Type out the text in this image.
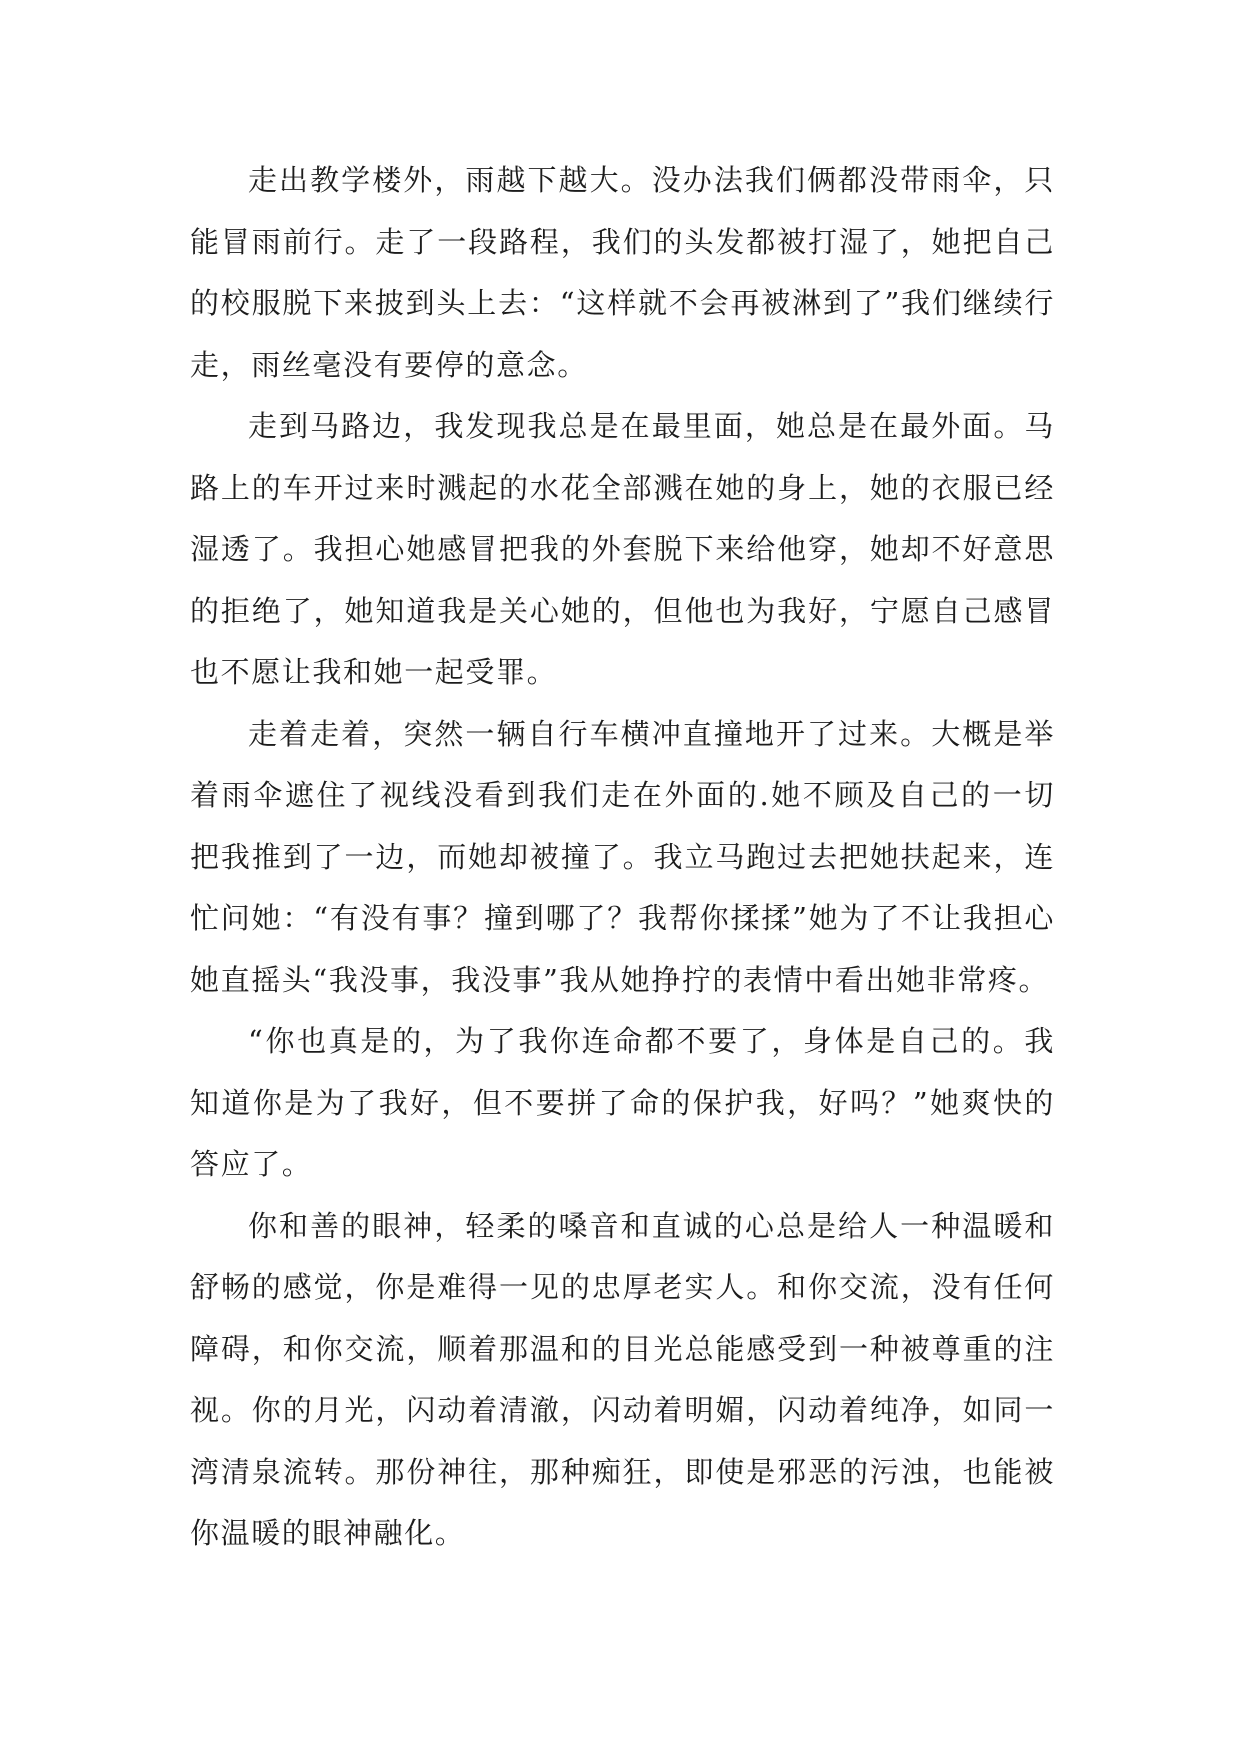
走出教学楼外，雨越下越大。没办法我们俩都没带雨伞，只能冒雨前行。走了一段路程，我们的头发都被打湿了，她把自己的校服脱下来披到头上去：“这样就不会再被淋到了”我们继续行走，雨丝毫没有要停的意念。

走到马路边，我发现我总是在最里面，她总是在最外面。马路上的车开过来时溅起的水花全部溅在她的身上，她的衣服已经湿透了。我担心她感冒把我的外套脱下来给他穿，她却不好意思的拒绝了，她知道我是关心她的，但他也为我好，宁愿自己感冒也不愿让我和她一起受罪。

走着走着，突然一辆自行车横冲直撞地开了过来。大概是举着雨伞遮住了视线没看到我们走在外面的.她不顾及自己的一切把我推到了一边，而她却被撞了。我立马跑过去把她扶起来，连忙问她：“有没有事？撞到哪了？我帮你揉揉”她为了不让我担心她直摇头“我没事，我没事”我从她挣拧的表情中看出她非常疼。

“你也真是的，为了我你连命都不要了，身体是自己的。我知道你是为了我好，但不要拼了命的保护我，好吗？”她爽快的答应了。

你和善的眼神，轻柔的嗓音和直诚的心总是给人一种温暖和舒畅的感觉，你是难得一见的忠厚老实人。和你交流，没有任何障碍，和你交流，顺着那温和的目光总能感受到一种被尊重的注视。你的月光，闪动着清澈，闪动着明媚，闪动着纯净，如同一湾清泉流转。那份神往，那种痴狂，即使是邪恶的污浊，也能被你温暖的眼神融化。
